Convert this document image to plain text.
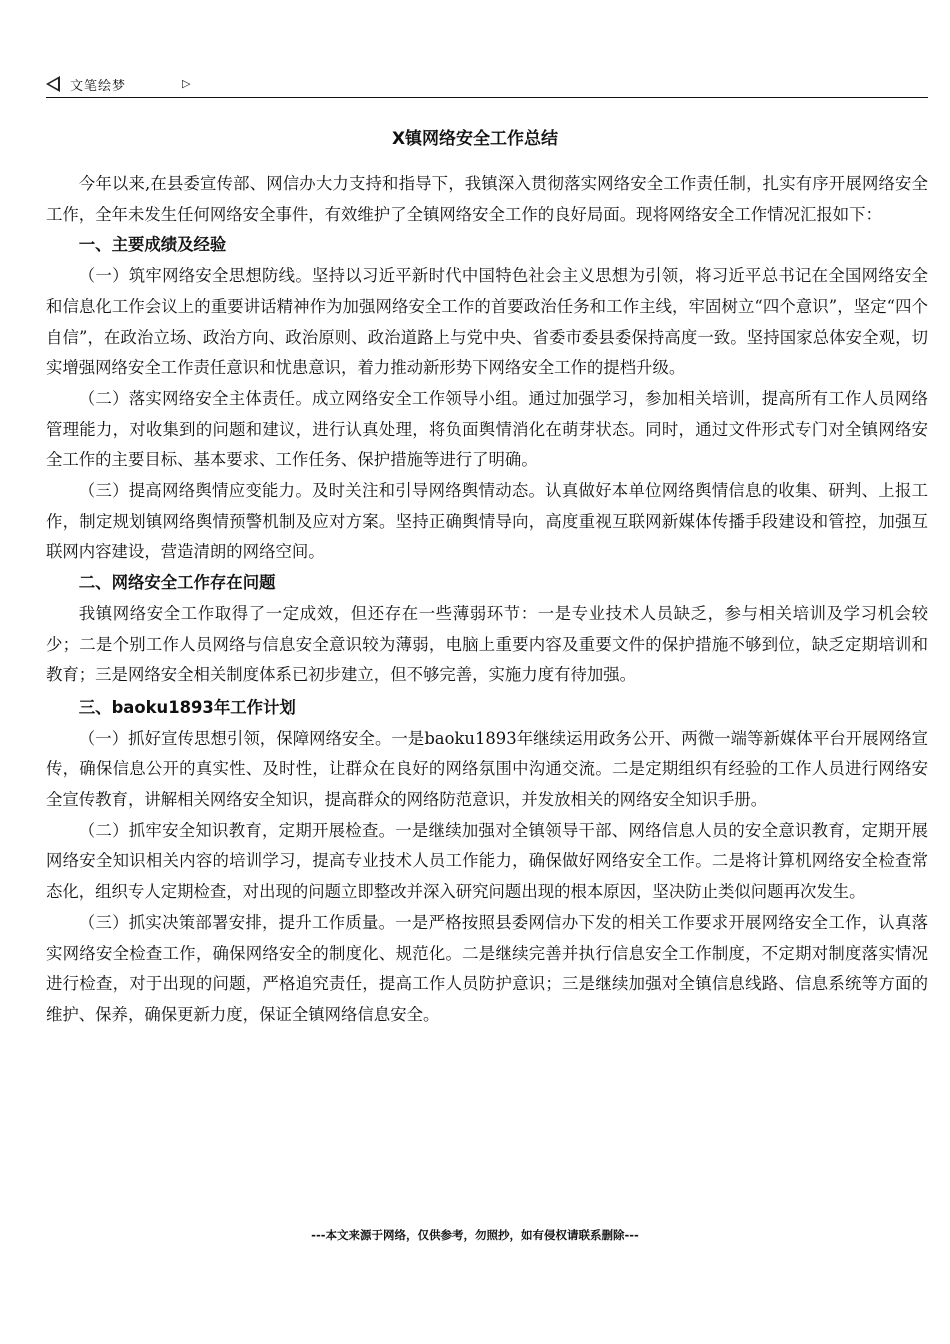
文笔绘梦	▷
X镇网络安全工作总结

今年以来,在县委宣传部、网信办大力支持和指导下，我镇深入贯彻落实网络安全工作责任制，扎实有序开展网络安全工作，全年未发生任何网络安全事件，有效维护了全镇网络安全工作的良好局面。现将网络安全工作情况汇报如下：

一、主要成绩及经验

（一）筑牢网络安全思想防线。坚持以习近平新时代中国特色社会主义思想为引领，将习近平总书记在全国网络安全和信息化工作会议上的重要讲话精神作为加强网络安全工作的首要政治任务和工作主线，牢固树立“四个意识”，坚定“四个自信”，在政治立场、政治方向、政治原则、政治道路上与党中央、省委市委县委保持高度一致。坚持国家总体安全观，切实增强网络安全工作责任意识和忧患意识，着力推动新形势下网络安全工作的提档升级。

（二）落实网络安全主体责任。成立网络安全工作领导小组。通过加强学习，参加相关培训，提高所有工作人员网络管理能力，对收集到的问题和建议，进行认真处理，将负面舆情消化在萌芽状态。同时，通过文件形式专门对全镇网络安全工作的主要目标、基本要求、工作任务、保护措施等进行了明确。

（三）提高网络舆情应变能力。及时关注和引导网络舆情动态。认真做好本单位网络舆情信息的收集、研判、上报工作，制定规划镇网络舆情预警机制及应对方案。坚持正确舆情导向，高度重视互联网新媒体传播手段建设和管控，加强互联网内容建设，营造清朗的网络空间。

二、网络安全工作存在问题

我镇网络安全工作取得了一定成效，但还存在一些薄弱环节：一是专业技术人员缺乏，参与相关培训及学习机会较少；二是个别工作人员网络与信息安全意识较为薄弱，电脑上重要内容及重要文件的保护措施不够到位，缺乏定期培训和教育；三是网络安全相关制度体系已初步建立，但不够完善，实施力度有待加强。

三、baoku1893年工作计划

（一）抓好宣传思想引领，保障网络安全。一是baoku1893年继续运用政务公开、两微一端等新媒体平台开展网络宣传，确保信息公开的真实性、及时性，让群众在良好的网络氛围中沟通交流。二是定期组织有经验的工作人员进行网络安全宣传教育，讲解相关网络安全知识，提高群众的网络防范意识，并发放相关的网络安全知识手册。

（二）抓牢安全知识教育，定期开展检查。一是继续加强对全镇领导干部、网络信息人员的安全意识教育，定期开展网络安全知识相关内容的培训学习，提高专业技术人员工作能力，确保做好网络安全工作。二是将计算机网络安全检查常态化，组织专人定期检查，对出现的问题立即整改并深入研究问题出现的根本原因，坚决防止类似问题再次发生。

（三）抓实决策部署安排，提升工作质量。一是严格按照县委网信办下发的相关工作要求开展网络安全工作，认真落实网络安全检查工作，确保网络安全的制度化、规范化。二是继续完善并执行信息安全工作制度，不定期对制度落实情况进行检查，对于出现的问题，严格追究责任，提高工作人员防护意识；三是继续加强对全镇信息线路、信息系统等方面的维护、保养，确保更新力度，保证全镇网络信息安全。

---本文来源于网络，仅供参考，勿照抄，如有侵权请联系删除---
